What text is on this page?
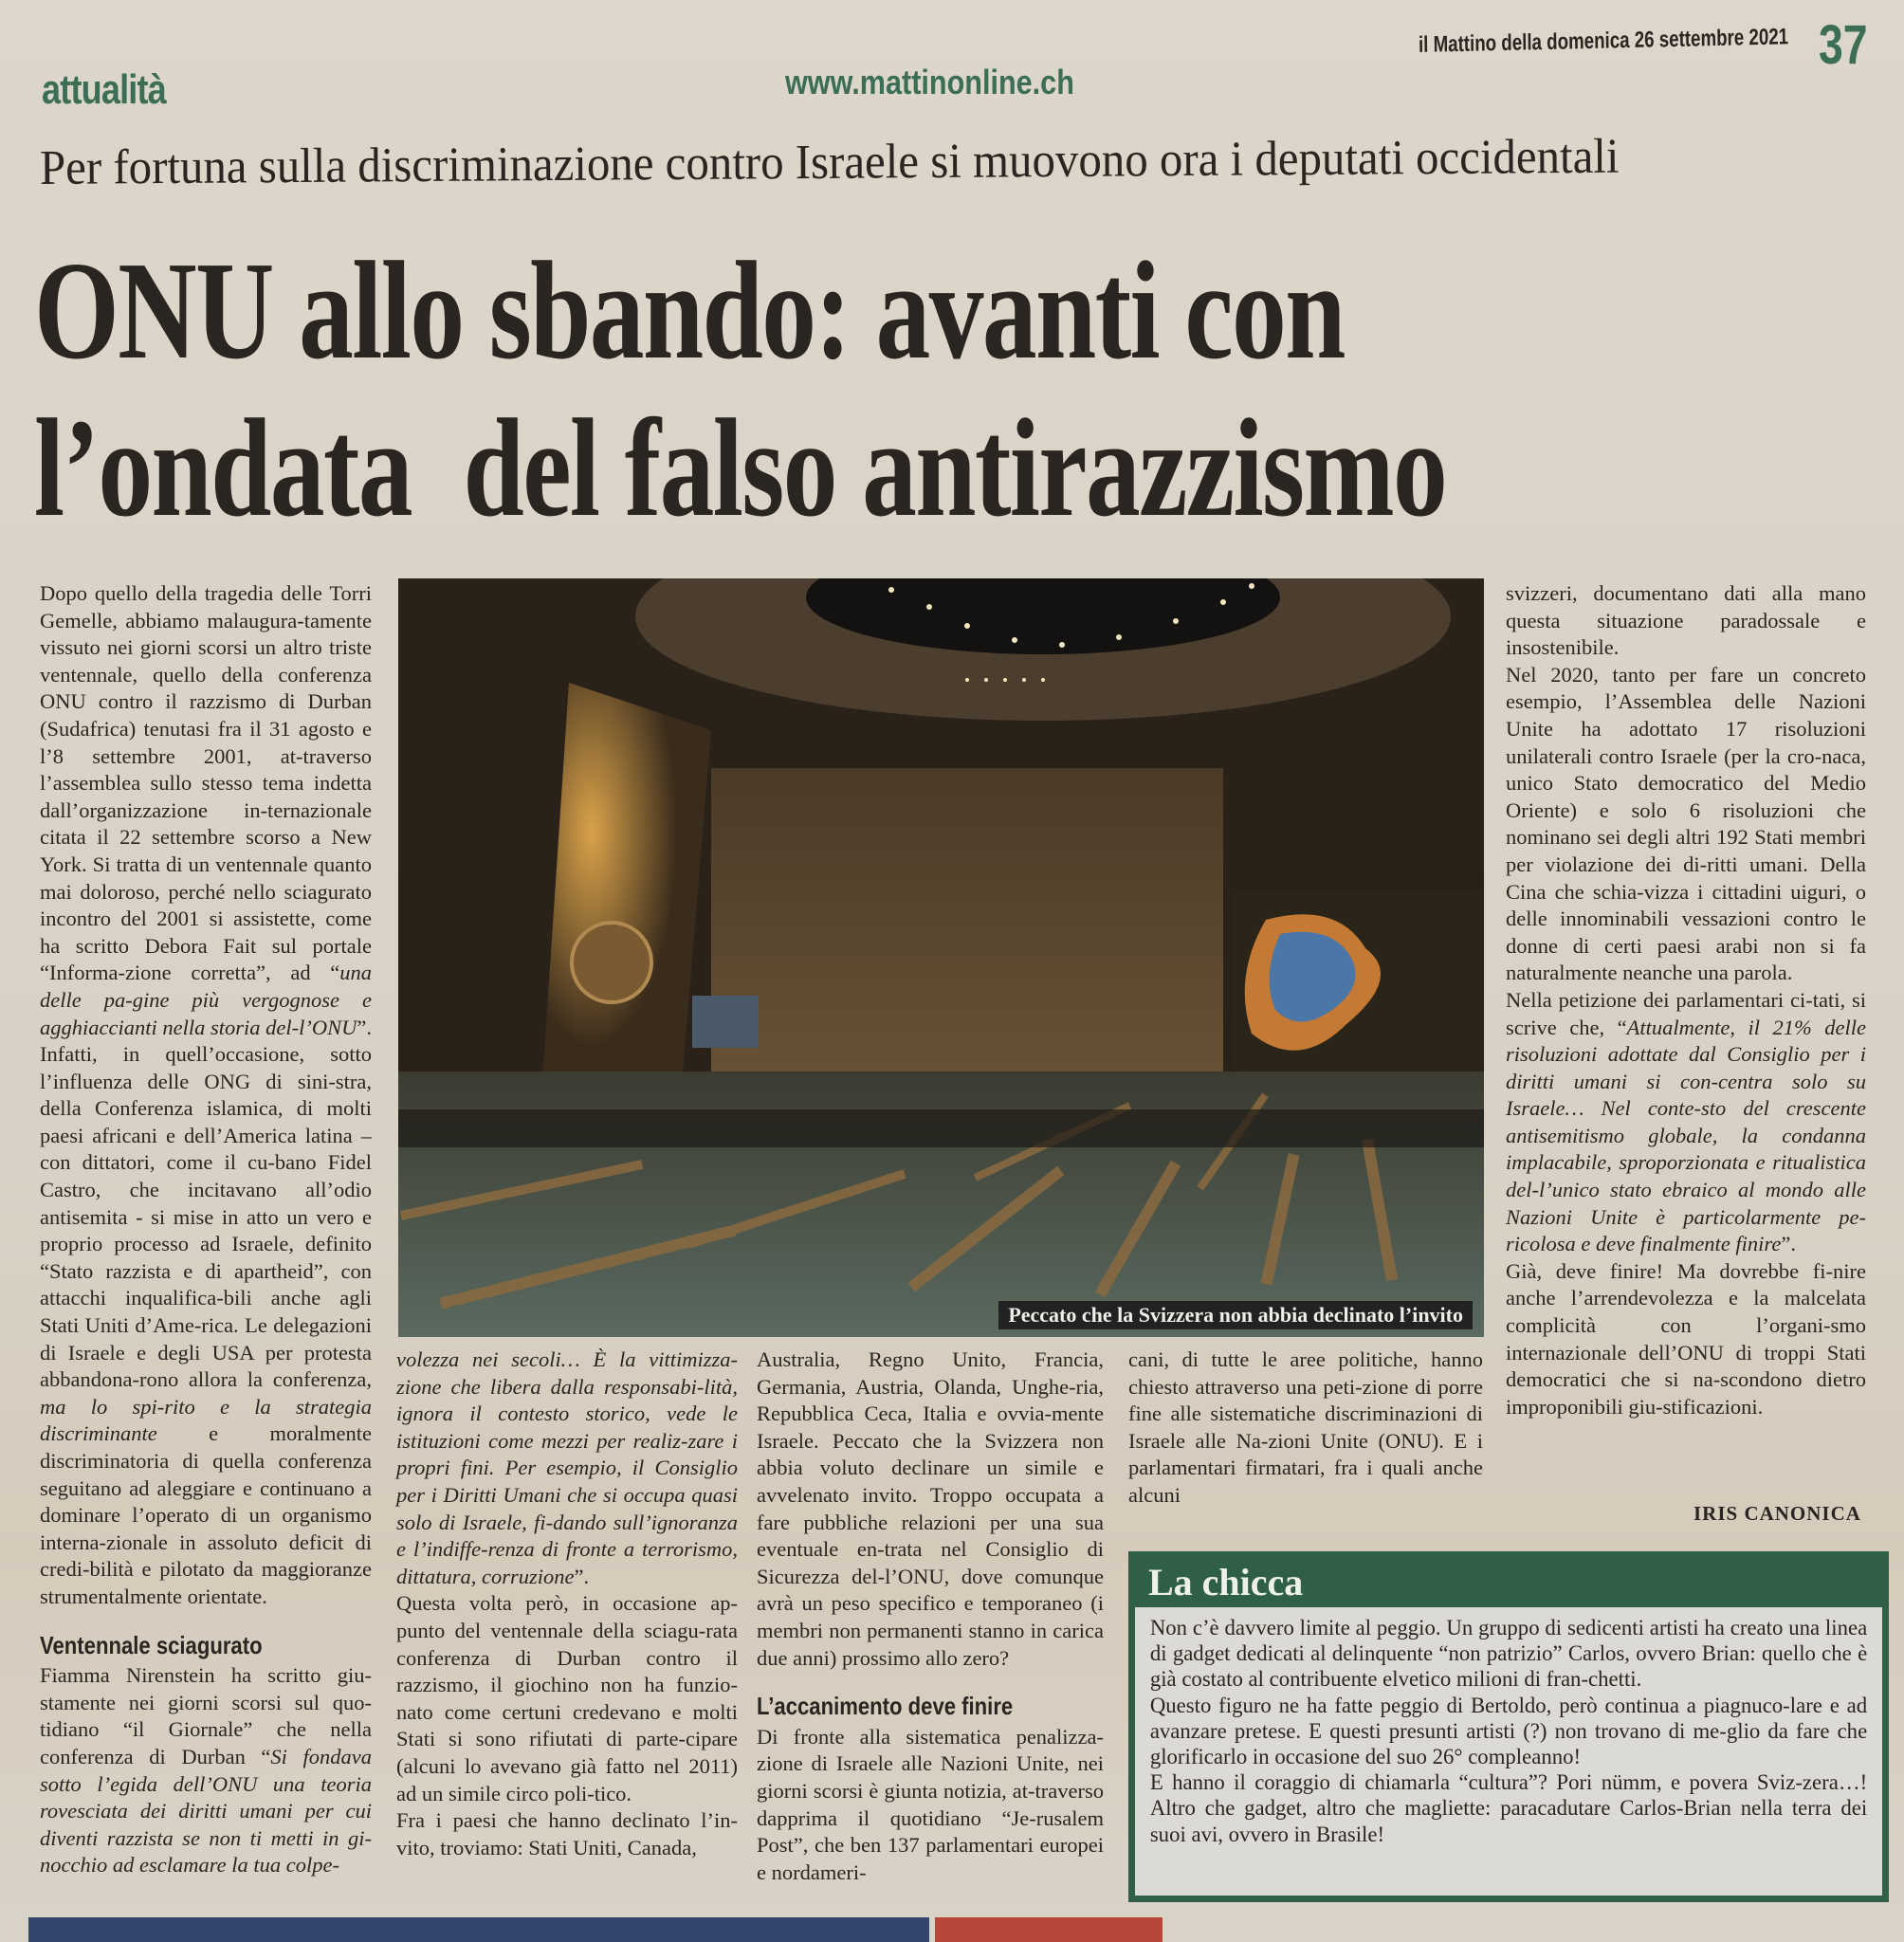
attualità	www.mattinonline.ch
il Mattino della domenica 26 settembre 2021 37
Per fortuna sulla discriminazione contro Israele si muovono ora i deputati occidentali
ONU allo sbando: avanti con
l’ondata  del falso antirazzismo

Dopo quello della tragedia delle Torri Gemelle, abbiamo malaugura-tamente vissuto nei giorni scorsi un altro triste ventennale, quello della conferenza ONU contro il razzismo di Durban (Sudafrica) tenutasi fra il 31 agosto e l’8 settembre 2001, at-traverso l’assemblea sullo stesso tema indetta dall’organizzazione in-ternazionale citata il 22 settembre scorso a New York. Si tratta di un ventennale quanto mai doloroso, perché nello sciagurato incontro del 2001 si assistette, come ha scritto Debora Fait sul portale “Informa-zione corretta”, ad “una delle pa-gine più vergognose e agghiaccianti nella storia del-l’ONU”. Infatti, in quell’occasione, sotto l’influenza delle ONG di sini-stra, della Conferenza islamica, di molti paesi africani e dell’America latina – con dittatori, come il cu-bano Fidel Castro, che incitavano all’odio antisemita - si mise in atto un vero e proprio processo ad Israele, definito “Stato razzista e di apartheid”, con attacchi inqualifica-bili anche agli Stati Uniti d’Ame-rica. Le delegazioni di Israele e degli USA per protesta abbandona-rono allora la conferenza, ma lo spi-rito e la strategia discriminante e moralmente discriminatoria di quella conferenza seguitano ad aleggiare e continuano a dominare l’operato di un organismo interna-zionale in assoluto deficit di credi-bilità e pilotato da maggioranze strumentalmente orientate.

Ventennale sciagurato

Fiamma Nirenstein ha scritto giu-stamente nei giorni scorsi sul quo-tidiano “il Giornale” che nella conferenza di Durban “Si fondava sotto l’egida dell’ONU una teoria rovesciata dei diritti umani per cui diventi razzista se non ti metti in gi-nocchio ad esclamare la tua colpe-

Peccato che la Svizzera non abbia declinato l’invito

volezza nei secoli… È la vittimizza-zione che libera dalla responsabi-lità, ignora il contesto storico, vede le istituzioni come mezzi per realiz-zare i propri fini. Per esempio, il Consiglio per i Diritti Umani che si occupa quasi solo di Israele, fi-dando sull’ignoranza e l’indiffe-renza di fronte a terrorismo, dittatura, corruzione”.

Questa volta però, in occasione ap-punto del ventennale della sciagu-rata conferenza di Durban contro il razzismo, il giochino non ha funzio-nato come certuni credevano e molti Stati si sono rifiutati di parte-cipare (alcuni lo avevano già fatto nel 2011) ad un simile circo poli-tico.

Fra i paesi che hanno declinato l’in-vito, troviamo: Stati Uniti, Canada,

Australia, Regno Unito, Francia, Germania, Austria, Olanda, Unghe-ria, Repubblica Ceca, Italia e ovvia-mente Israele. Peccato che la Svizzera non abbia voluto declinare un simile e avvelenato invito. Troppo occupata a fare pubbliche relazioni per una sua eventuale en-trata nel Consiglio di Sicurezza del-l’ONU, dove comunque avrà un peso specifico e temporaneo (i membri non permanenti stanno in carica due anni) prossimo allo zero?

L’accanimento deve finire

Di fronte alla sistematica penalizza-zione di Israele alle Nazioni Unite, nei giorni scorsi è giunta notizia, at-traverso dapprima il quotidiano “Je-rusalem Post”, che ben 137 parlamentari europei e nordameri-

cani, di tutte le aree politiche, hanno chiesto attraverso una peti-zione di porre fine alle sistematiche discriminazioni di Israele alle Na-zioni Unite (ONU). E i parlamentari firmatari, fra i quali anche alcuni

svizzeri, documentano dati alla mano questa situazione paradossale e insostenibile.

Nel 2020, tanto per fare un concreto esempio, l’Assemblea delle Nazioni Unite ha adottato 17 risoluzioni unilaterali contro Israele (per la cro-naca, unico Stato democratico del Medio Oriente) e solo 6 risoluzioni che nominano sei degli altri 192 Stati membri per violazione dei di-ritti umani. Della Cina che schia-vizza i cittadini uiguri, o delle innominabili vessazioni contro le donne di certi paesi arabi non si fa naturalmente neanche una parola.

Nella petizione dei parlamentari ci-tati, si scrive che, “Attualmente, il 21% delle risoluzioni adottate dal Consiglio per i diritti umani si con-centra solo su Israele… Nel conte-sto del crescente antisemitismo globale, la condanna implacabile, sproporzionata e ritualistica del-l’unico stato ebraico al mondo alle Nazioni Unite è particolarmente pe-ricolosa e deve finalmente finire”.

Già, deve finire! Ma dovrebbe fi-nire anche l’arrendevolezza e la malcelata complicità con l’organi-smo internazionale dell’ONU di troppi Stati democratici che si na-scondono dietro improponibili giu-stificazioni.

IRIS CANONICA
La chicca

Non c’è davvero limite al peggio. Un gruppo di sedicenti artisti ha creato una linea di gadget dedicati al delinquente “non patrizio” Carlos, ovvero Brian: quello che è già costato al contribuente elvetico milioni di fran-chetti.

Questo figuro ne ha fatte peggio di Bertoldo, però continua a piagnuco-lare e ad avanzare pretese. E questi presunti artisti (?) non trovano di me-glio da fare che glorificarlo in occasione del suo 26° compleanno!

E hanno il coraggio di chiamarla “cultura”? Pori nümm, e povera Sviz-zera…! Altro che gadget, altro che magliette: paracadutare Carlos-Brian nella terra dei suoi avi, ovvero in Brasile!
